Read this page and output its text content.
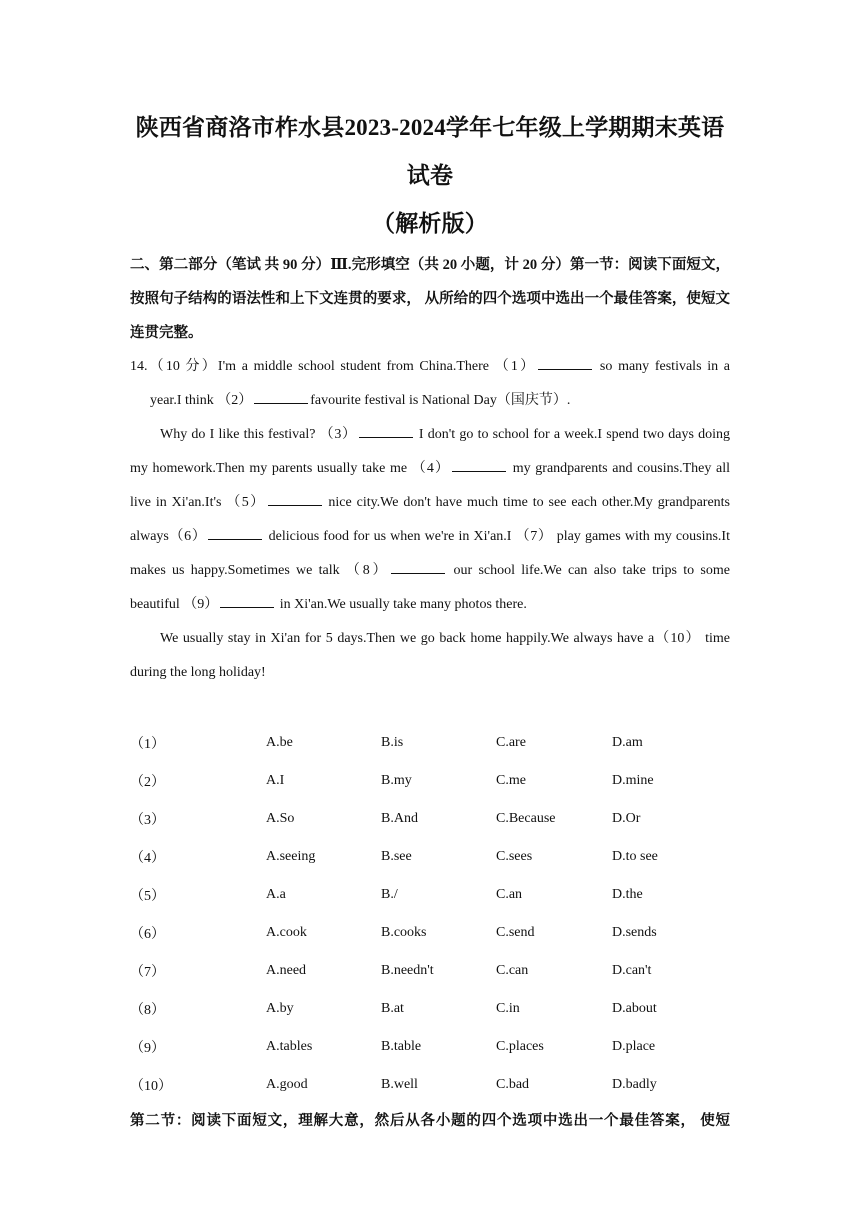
陕西省商洛市柞水县2023-2024学年七年级上学期期末英语试卷

（解析版）

二、第二部分（笔试 共 90 分）Ⅲ.完形填空（共 20 小题，计 20 分）第一节：阅读下面短文，按照句子结构的语法性和上下文连贯的要求， 从所给的四个选项中选出一个最佳答案，使短文连贯完整。

14.（10 分）I'm a middle school student from China.There （1）	so many festivals in a

year.I think （2）	favourite festival is National Day（国庆节）.

Why do I like this festival? （3）	I don't go to school for a week.I spend two days doing my homework.Then my parents usually take me （4）	my grandparents and cousins.They all live in Xi'an.It's （5）	nice city.We don't have much time to see each other.My grandparents always（6）	delicious food for us when we're in Xi'an.I （7） play games with my cousins.It makes us happy.Sometimes we talk （8）	our school life.We can also take trips to some beautiful （9）	in Xi'an.We usually take many photos there.

We usually stay in Xi'an for 5 days.Then we go back home happily.We always have a（10） time during the long holiday!

（1）	A.be	B.is	C.are	D.am
（2）	A.I	B.my	C.me	D.mine
（3）	A.So	B.And	C.Because	D.Or
（4）	A.seeing	B.see	C.sees	D.to see
（5）	A.a	B./	C.an	D.the
（6）	A.cook	B.cooks	C.send	D.sends
（7）	A.need	B.needn't	C.can	D.can't
（8）	A.by	B.at	C.in	D.about
（9）	A.tables	B.table	C.places	D.place
（10）	A.good	B.well	C.bad	D.badly

第二节：阅读下面短文，理解大意，然后从各小题的四个选项中选出一个最佳答案， 使短
